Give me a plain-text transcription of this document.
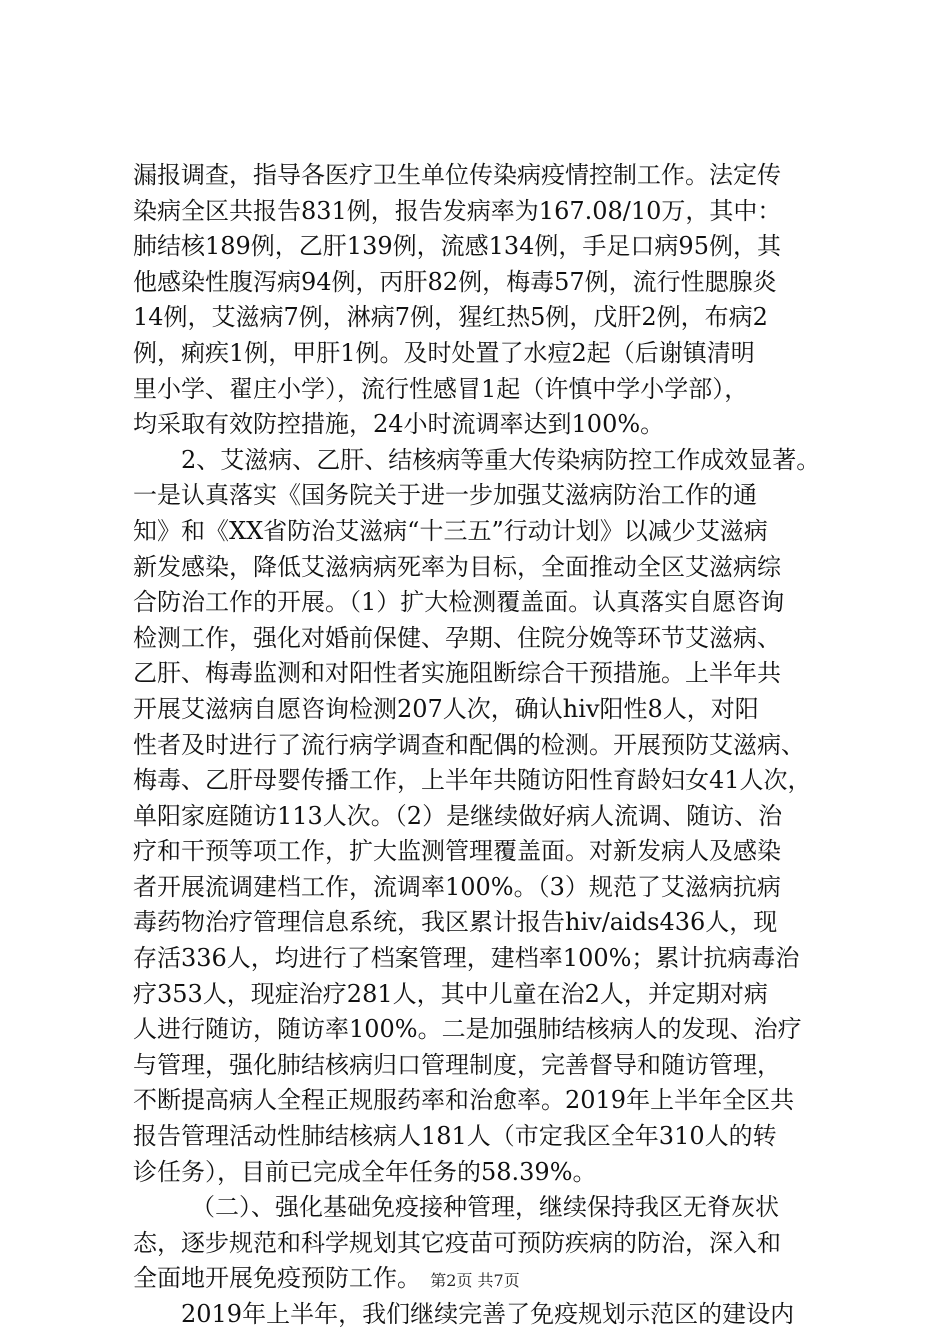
漏报调查，指导各医疗卫生单位传染病疫情控制工作。法定传
染病全区共报告831例，报告发病率为167.08/10万，其中：
肺结核189例，乙肝139例，流感134例，手足口病95例，其
他感染性腹泻病94例，丙肝82例，梅毒57例，流行性腮腺炎
14例，艾滋病7例，淋病7例，猩红热5例，戊肝2例，布病2
例，痢疾1例，甲肝1例。及时处置了水痘2起（后谢镇清明
里小学、翟庄小学），流行性感冒1起（许慎中学小学部），
均采取有效防控措施，24小时流调率达到100%。
2、艾滋病、乙肝、结核病等重大传染病防控工作成效显著。
一是认真落实《国务院关于进一步加强艾滋病防治工作的通
知》和《XX省防治艾滋病“十三五”行动计划》以减少艾滋病
新发感染，降低艾滋病病死率为目标，全面推动全区艾滋病综
合防治工作的开展。（1）扩大检测覆盖面。认真落实自愿咨询
检测工作，强化对婚前保健、孕期、住院分娩等环节艾滋病、
乙肝、梅毒监测和对阳性者实施阻断综合干预措施。上半年共
开展艾滋病自愿咨询检测207人次，确认hiv阳性8人，对阳
性者及时进行了流行病学调查和配偶的检测。开展预防艾滋病、
梅毒、乙肝母婴传播工作，上半年共随访阳性育龄妇女41人次，
单阳家庭随访113人次。（2）是继续做好病人流调、随访、治
疗和干预等项工作，扩大监测管理覆盖面。对新发病人及感染
者开展流调建档工作，流调率100%。（3）规范了艾滋病抗病
毒药物治疗管理信息系统，我区累计报告hiv/aids436人，现
存活336人，均进行了档案管理，建档率100%；累计抗病毒治
疗353人，现症治疗281人，其中儿童在治2人，并定期对病
人进行随访，随访率100%。二是加强肺结核病人的发现、治疗
与管理，强化肺结核病归口管理制度，完善督导和随访管理，
不断提高病人全程正规服药率和治愈率。2019年上半年全区共
报告管理活动性肺结核病人181人（市定我区全年310人的转
诊任务），目前已完成全年任务的58.39%。
（二）、强化基础免疫接种管理，继续保持我区无脊灰状
态，逐步规范和科学规划其它疫苗可预防疾病的防治，深入和
全面地开展免疫预防工作。
2019年上半年，我们继续完善了免疫规划示范区的建设内
第2页 共7页
